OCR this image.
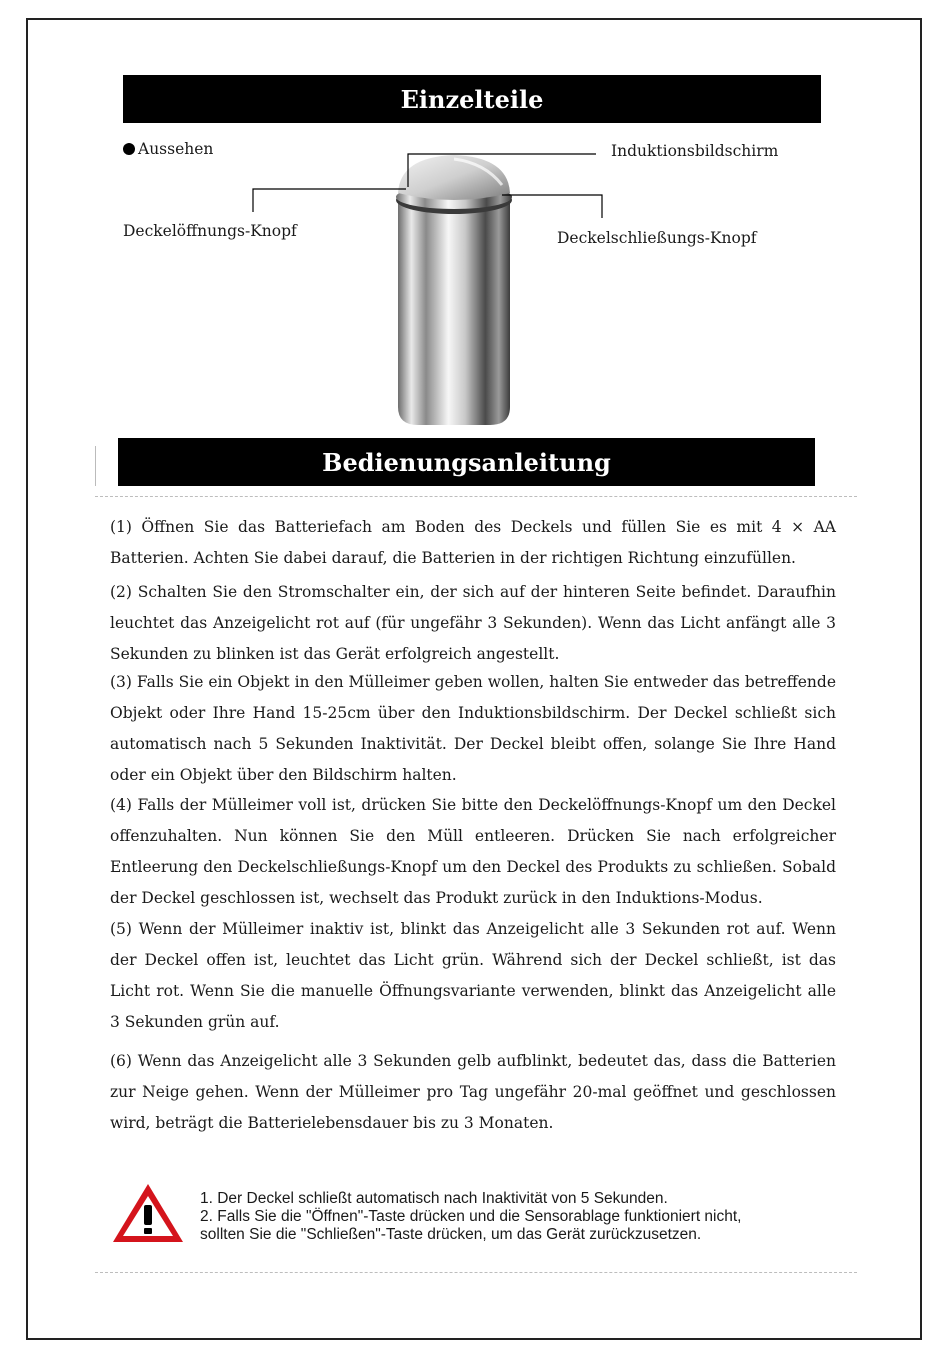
Einzelteile
Aussehen	Induktionsbildschirm
Deckelöffnungs-Knopf	Deckelschließungs-Knopf
Bedienungsanleitung

(1) Öffnen Sie das Batteriefach am Boden des Deckels und füllen Sie es mit 4 × AA Batterien. Achten Sie dabei darauf, die Batterien in der richtigen Richtung einzufüllen.

(2) Schalten Sie den Stromschalter ein, der sich auf der hinteren Seite befindet. Daraufhin leuchtet das Anzeigelicht rot auf (für ungefähr 3 Sekunden). Wenn das Licht anfängt alle 3 Sekunden zu blinken ist das Gerät erfolgreich angestellt.

(3) Falls Sie ein Objekt in den Mülleimer geben wollen, halten Sie entweder das betreffende Objekt oder Ihre Hand 15-25cm über den Induktionsbildschirm. Der Deckel schließt sich automatisch nach 5 Sekunden Inaktivität. Der Deckel bleibt offen, solange Sie Ihre Hand oder ein Objekt über den Bildschirm halten.

(4) Falls der Mülleimer voll ist, drücken Sie bitte den Deckelöffnungs-Knopf um den Deckel offenzuhalten. Nun können Sie den Müll entleeren. Drücken Sie nach erfolgreicher Entleerung den Deckelschließungs-Knopf um den Deckel des Produkts zu schließen. Sobald der Deckel geschlossen ist, wechselt das Produkt zurück in den Induktions-Modus.

(5) Wenn der Mülleimer inaktiv ist, blinkt das Anzeigelicht alle 3 Sekunden rot auf. Wenn der Deckel offen ist, leuchtet das Licht grün. Während sich der Deckel schließt, ist das Licht rot. Wenn Sie die manuelle Öffnungsvariante verwenden, blinkt das Anzeigelicht alle 3 Sekunden grün auf.

(6) Wenn das Anzeigelicht alle 3 Sekunden gelb aufblinkt, bedeutet das, dass die Batterien zur Neige gehen. Wenn der Mülleimer pro Tag ungefähr 20-mal geöffnet und geschlossen wird, beträgt die Batterielebensdauer bis zu 3 Monaten.

1. Der Deckel schließt automatisch nach Inaktivität von 5 Sekunden.
2. Falls Sie die "Öffnen"-Taste drücken und die Sensorablage funktioniert nicht,
sollten Sie die "Schließen"-Taste drücken, um das Gerät zurückzusetzen.
